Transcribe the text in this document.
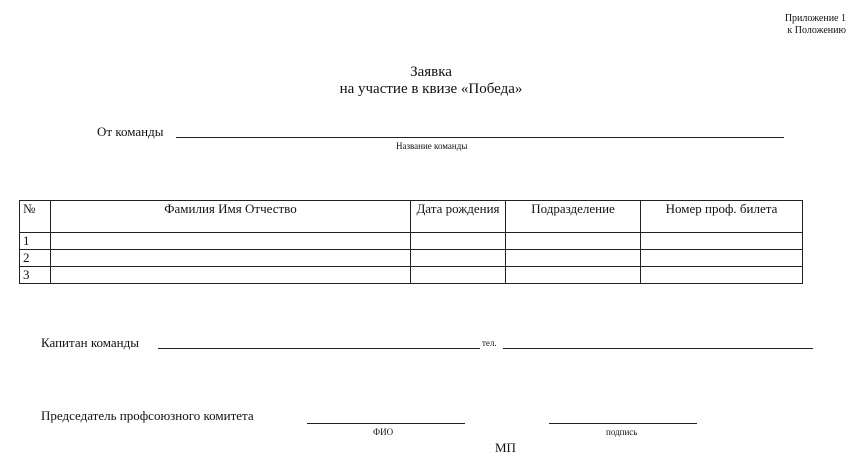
Приложение 1
к Положению
Заявка
на участие в квизе «Победа»
От команды
Название команды
№	Фамилия Имя Отчество	Дата рождения	Подразделение	Номер проф. билета
1				
2				
3				
Капитан команды	тел.
Председатель профсоюзного комитета
ФИО	подпись
МП
